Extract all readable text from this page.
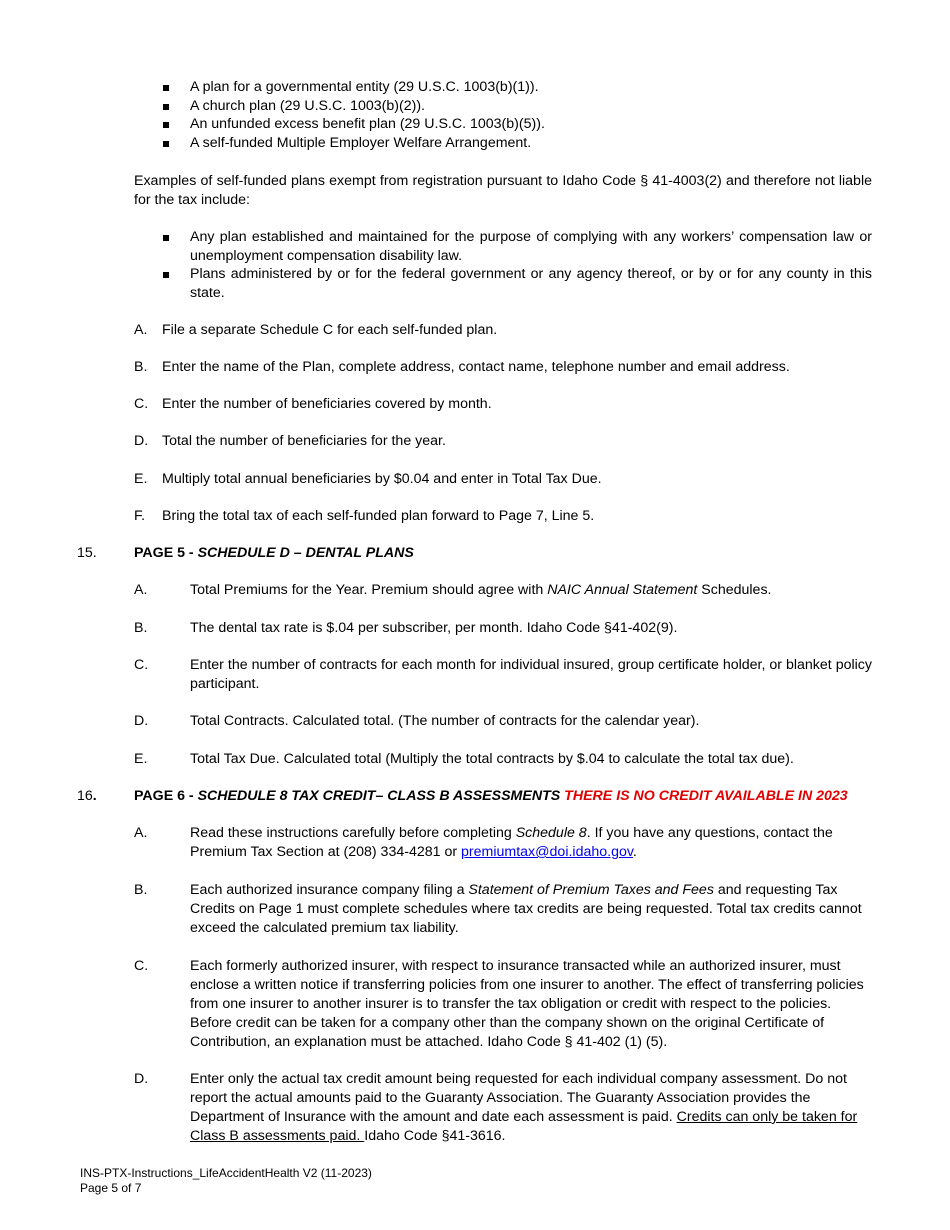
A plan for a governmental entity (29 U.S.C. 1003(b)(1)).
A church plan (29 U.S.C. 1003(b)(2)).
An unfunded excess benefit plan (29 U.S.C. 1003(b)(5)).
A self-funded Multiple Employer Welfare Arrangement.
Examples of self-funded plans exempt from registration pursuant to Idaho Code § 41-4003(2) and therefore not liable for the tax include:
Any plan established and maintained for the purpose of complying with any workers’ compensation law or unemployment compensation disability law.
Plans administered by or for the federal government or any agency thereof, or by or for any county in this state.
A. File a separate Schedule C for each self-funded plan.
B. Enter the name of the Plan, complete address, contact name, telephone number and email address.
C. Enter the number of beneficiaries covered by month.
D. Total the number of beneficiaries for the year.
E. Multiply total annual beneficiaries by $0.04 and enter in Total Tax Due.
F. Bring the total tax of each self-funded plan forward to Page 7, Line 5.
15.	PAGE 5 - SCHEDULE D – DENTAL PLANS
A.	Total Premiums for the Year. Premium should agree with NAIC Annual Statement Schedules.
B.	The dental tax rate is $.04 per subscriber, per month. Idaho Code §41-402(9).
C.	Enter the number of contracts for each month for individual insured, group certificate holder, or blanket policy participant.
D.	Total Contracts. Calculated total. (The number of contracts for the calendar year).
E.	Total Tax Due. Calculated total (Multiply the total contracts by $.04 to calculate the total tax due).
16.	PAGE 6 - SCHEDULE 8 TAX CREDIT– CLASS B ASSESSMENTS THERE IS NO CREDIT AVAILABLE IN 2023
A.	Read these instructions carefully before completing Schedule 8. If you have any questions, contact the Premium Tax Section at (208) 334-4281 or premiumtax@doi.idaho.gov.
B.	Each authorized insurance company filing a Statement of Premium Taxes and Fees and requesting Tax Credits on Page 1 must complete schedules where tax credits are being requested. Total tax credits cannot exceed the calculated premium tax liability.
C.	Each formerly authorized insurer, with respect to insurance transacted while an authorized insurer, must enclose a written notice if transferring policies from one insurer to another. The effect of transferring policies from one insurer to another insurer is to transfer the tax obligation or credit with respect to the policies. Before credit can be taken for a company other than the company shown on the original Certificate of Contribution, an explanation must be attached. Idaho Code § 41-402 (1) (5).
D.	Enter only the actual tax credit amount being requested for each individual company assessment. Do not report the actual amounts paid to the Guaranty Association. The Guaranty Association provides the Department of Insurance with the amount and date each assessment is paid. Credits can only be taken for Class B assessments paid. Idaho Code §41-3616.
INS-PTX-Instructions_LifeAccidentHealth V2 (11-2023)
Page 5 of 7
